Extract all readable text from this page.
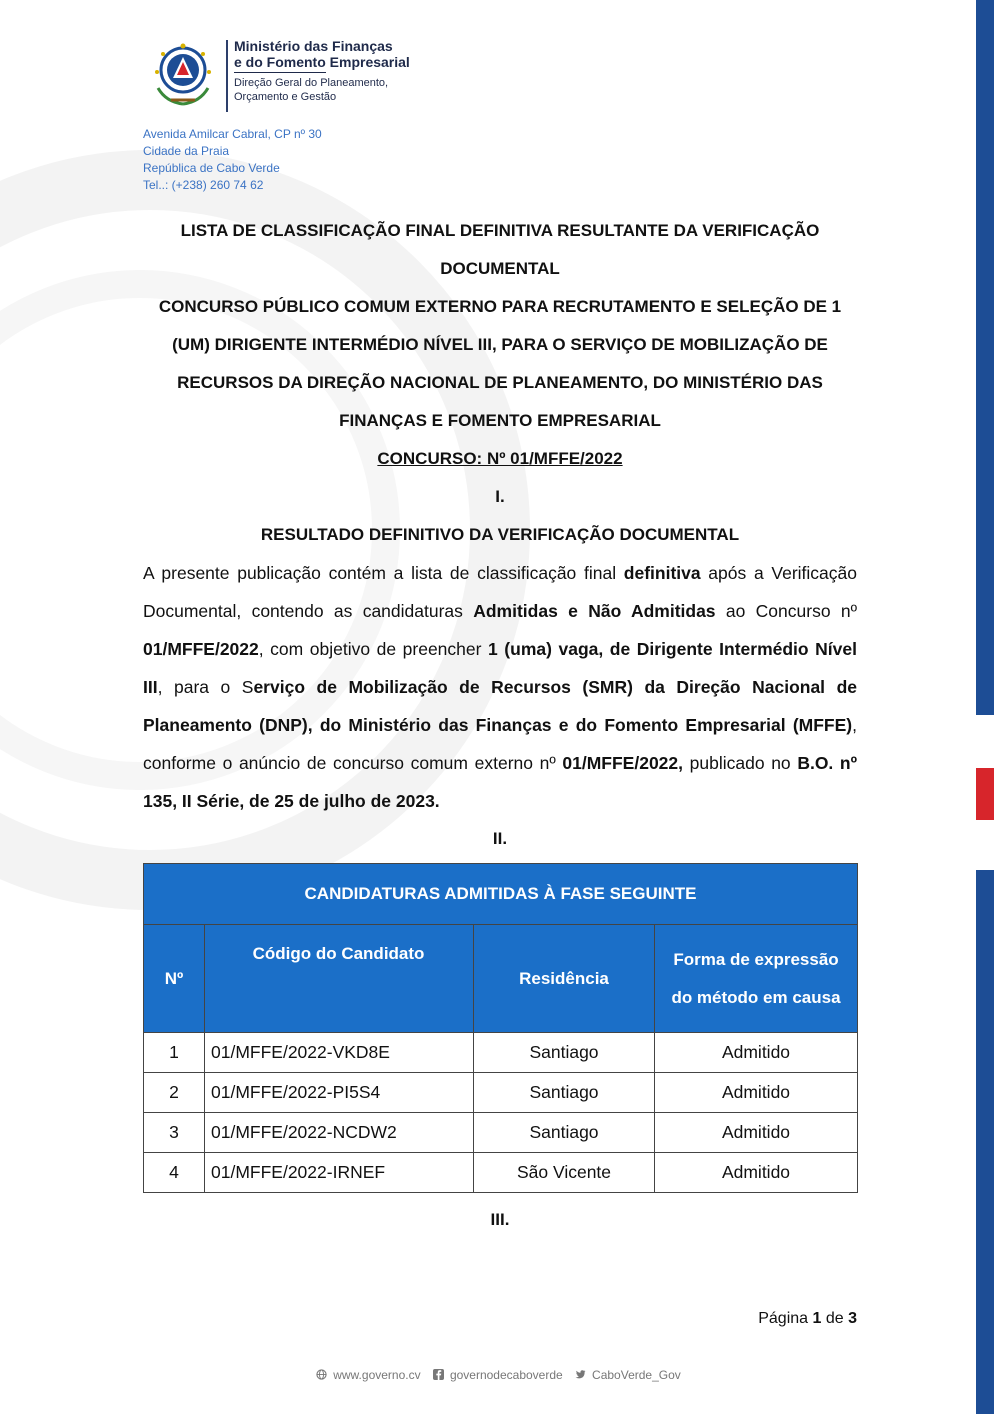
Ministério das Finanças
e do Fomento Empresarial
Direção Geral do Planeamento,
Orçamento e Gestão
Avenida Amilcar Cabral, CP nº 30
Cidade da Praia
República de Cabo Verde
Tel..: (+238) 260 74 62
LISTA DE CLASSIFICAÇÃO FINAL DEFINITIVA RESULTANTE DA VERIFICAÇÃO
DOCUMENTAL
CONCURSO PÚBLICO COMUM EXTERNO PARA RECRUTAMENTO E SELEÇÃO DE 1
(UM) DIRIGENTE INTERMÉDIO NÍVEL III, PARA O SERVIÇO DE MOBILIZAÇÃO DE
RECURSOS DA DIREÇÃO NACIONAL DE PLANEAMENTO, DO MINISTÉRIO DAS
FINANÇAS E FOMENTO EMPRESARIAL
CONCURSO: Nº 01/MFFE/2022
I.
RESULTADO DEFINITIVO DA VERIFICAÇÃO DOCUMENTAL
A presente publicação contém a lista de classificação final definitiva após a Verificação Documental, contendo as candidaturas Admitidas e Não Admitidas ao Concurso nº 01/MFFE/2022, com objetivo de preencher 1 (uma) vaga, de Dirigente Intermédio Nível III, para o Serviço de Mobilização de Recursos (SMR) da Direção Nacional de Planeamento (DNP), do Ministério das Finanças e do Fomento Empresarial (MFFE), conforme o anúncio de concurso comum externo nº 01/MFFE/2022, publicado no B.O. nº 135, II Série, de 25 de julho de 2023.
II.
CANDIDATURAS ADMITIDAS À FASE SEGUINTE			
Nº	Código do Candidato	Residência	Forma de expressão
do método em causa

1	01/MFFE/2022-VKD8E	Santiago	Admitido
2	01/MFFE/2022-PI5S4	Santiago	Admitido
3	01/MFFE/2022-NCDW2	Santiago	Admitido
4	01/MFFE/2022-IRNEF	São Vicente	Admitido
III.
Página 1 de 3
www.governo.cv governodecaboverde CaboVerde_Gov
